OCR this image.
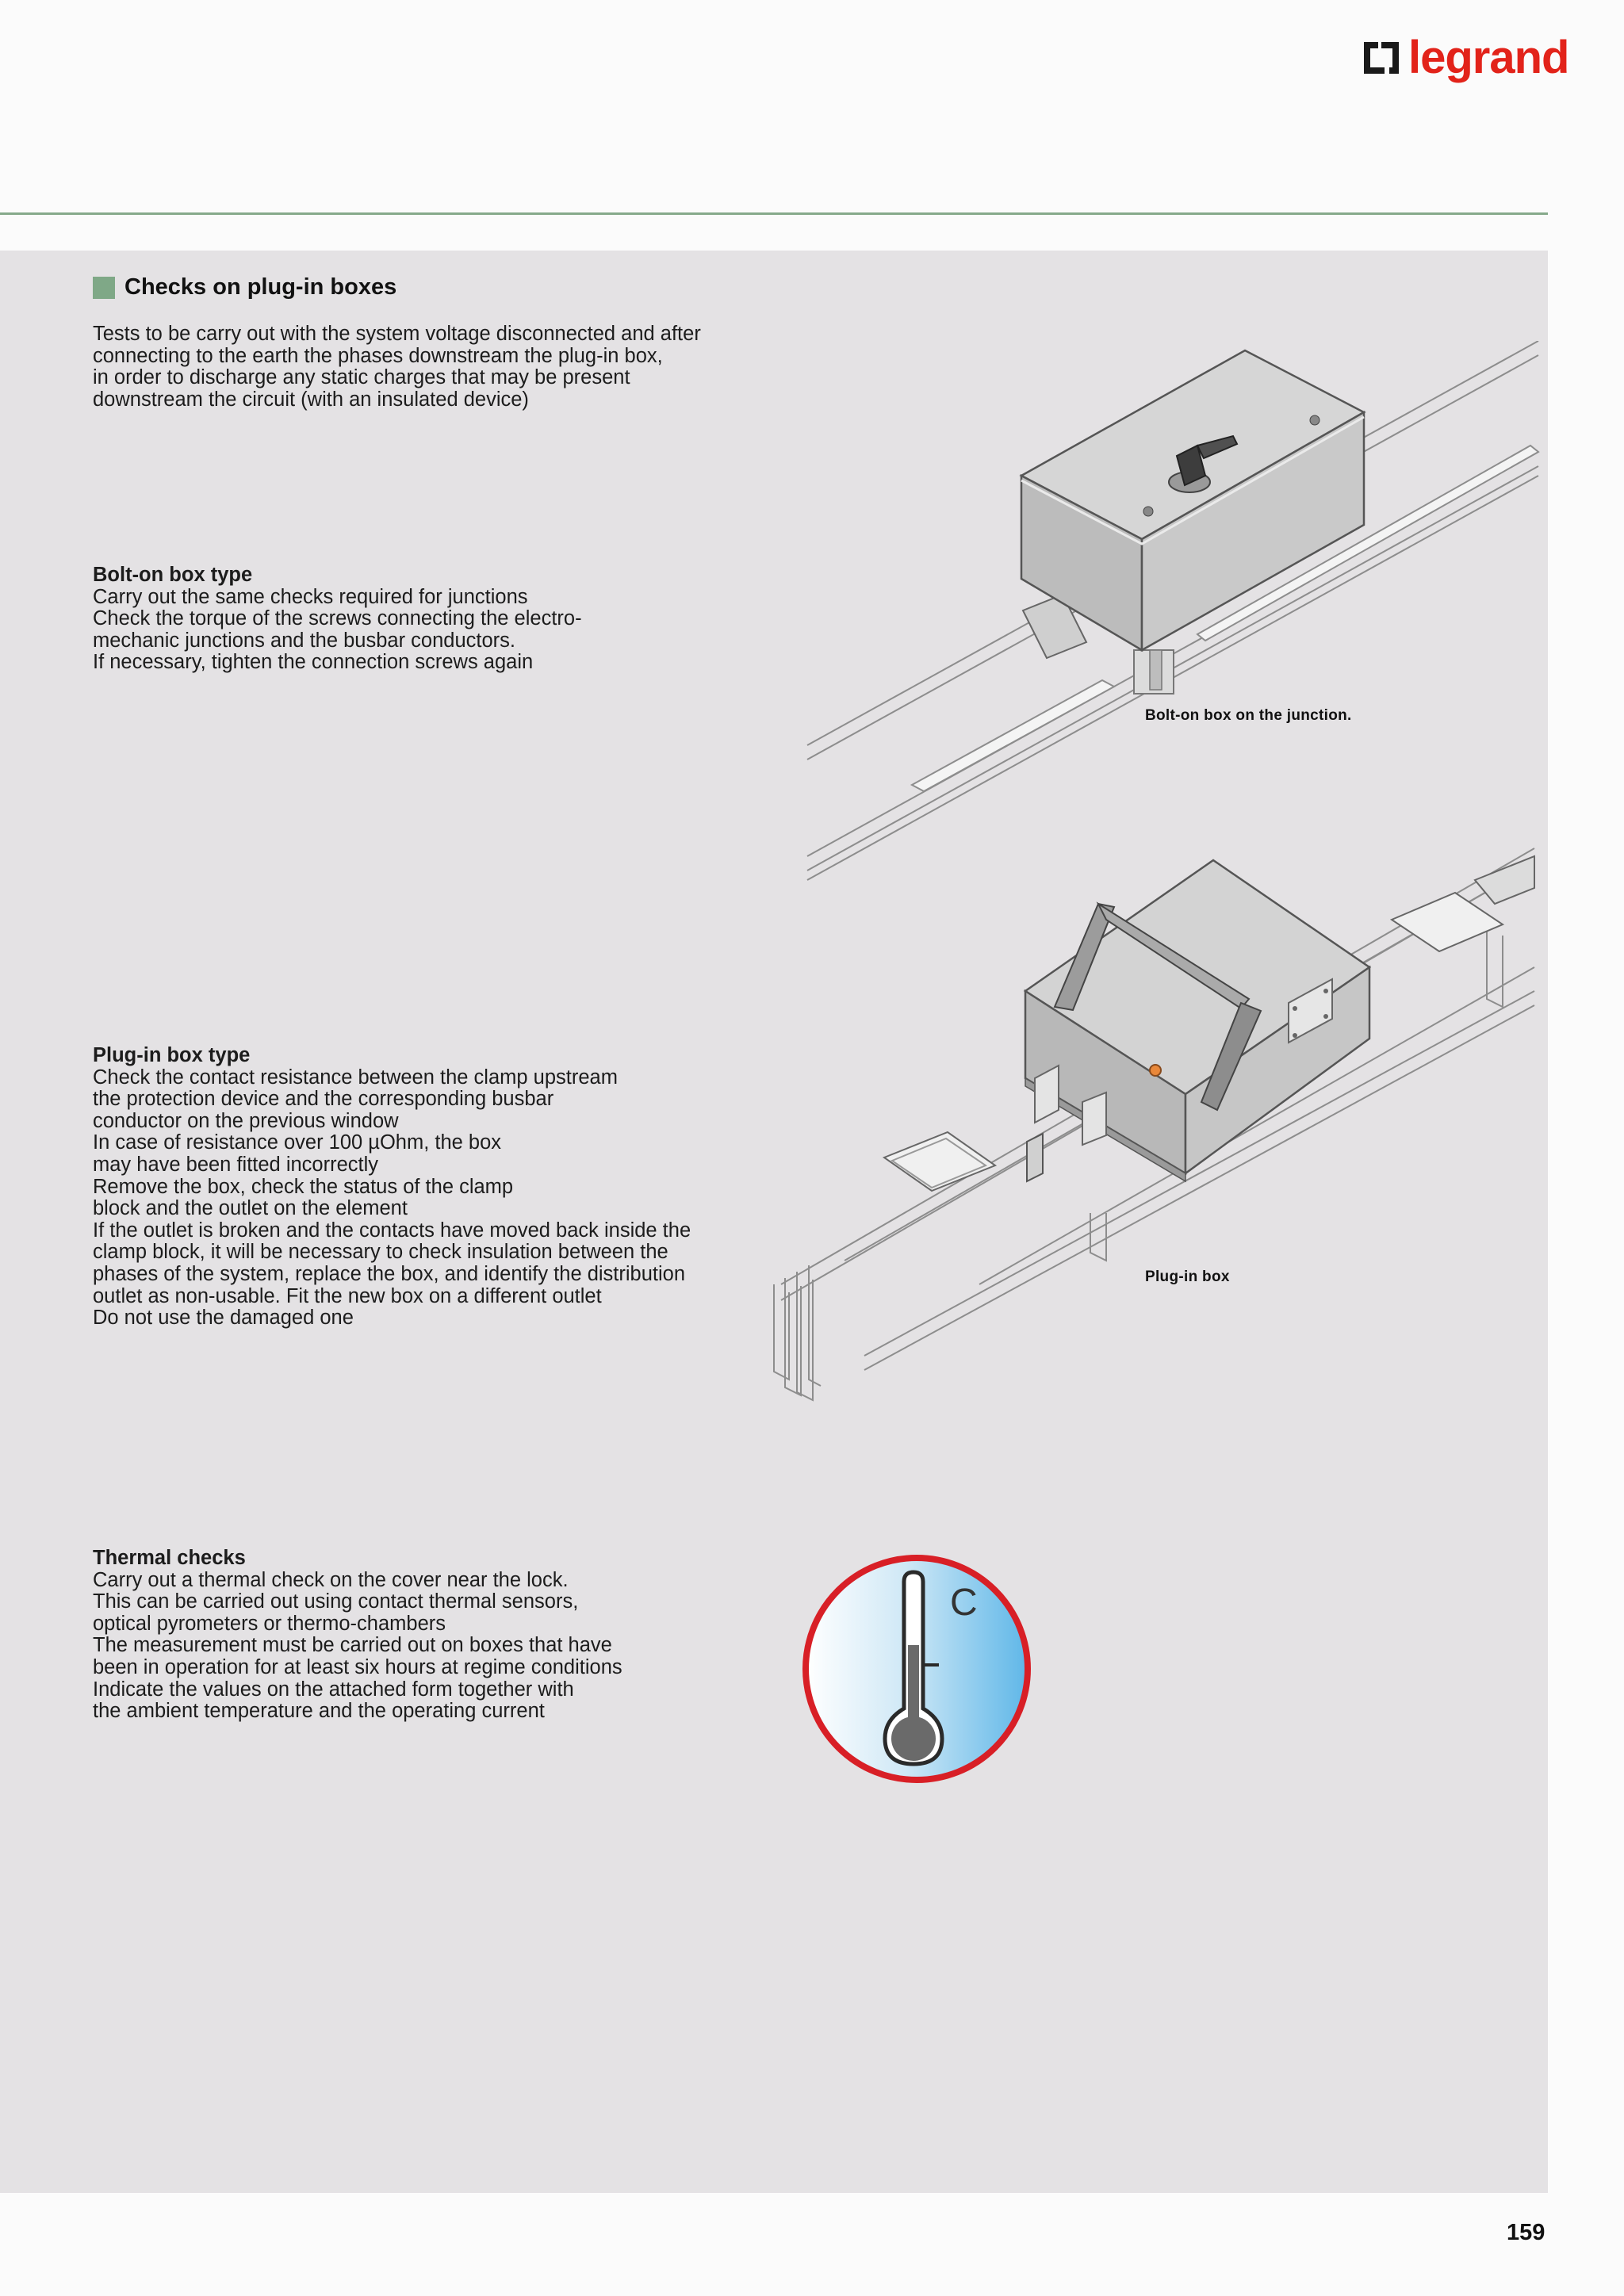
legrand
Checks on plug-in boxes
Tests to be carry out with the system voltage disconnected and after
connecting to the earth the phases downstream the plug-in box,
in order to discharge any static charges that may be present
downstream the circuit (with an insulated device)
Bolt-on box type
Carry out the same checks required for junctions
Check the torque of the screws connecting the electro-
mechanic junctions and the busbar conductors.
If necessary, tighten the connection screws again
Bolt-on box on the junction.
Plug-in box type
Check the contact resistance between the clamp upstream
the protection device and the corresponding busbar
conductor on the previous window
In case of resistance over 100 µOhm, the box
may have been fitted incorrectly
Remove the box, check the status of the clamp
block and the outlet on the element
If the outlet is broken and the contacts have moved back inside the
clamp block, it will be necessary to check insulation between the
phases of the system, replace the box, and identify the distribution
outlet as non-usable. Fit the new box on a different outlet
Do not use the damaged one
Plug-in box
Thermal checks
Carry out a thermal check on the cover near the lock.
This can be carried out using contact thermal sensors,
optical pyrometers or thermo-chambers
The measurement must be carried out on boxes that have
been in operation for at least six hours at regime conditions
Indicate the values on the attached form together with
the ambient temperature and the operating current
C
159
